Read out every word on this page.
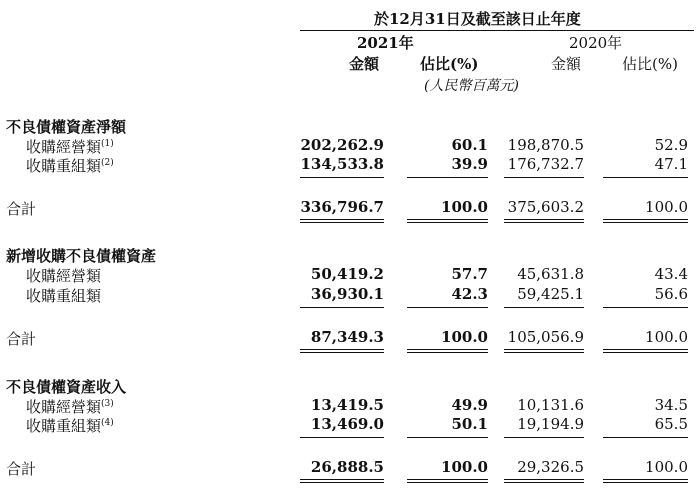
於12月31日及截至該日止年度
2021年	2020年
金額	佔比(%)	金額	佔比(%)
(人民幣百萬元)
不良債權資產淨額
收購經營類$^{(1)}$	202,262.9	60.1 198,870.5	52.9
收購重組類$^{(2)}$	134,533.8	39.9 176,732.7	47.1
合計	336,796.7	100.0 375,603.2	100.0
新增收購不良債權資產
收購經營類	50,419.2	57.7 45,631.8	43.4
收購重組類	36,930.1	42.3 59,425.1	56.6
合計	87,349.3	100.0 105,056.9	100.0
不良債權資產收入
收購經營類$^{(3)}$	13,419.5	49.9 10,131.6	34.5
收購重組類$^{(4)}$	13,469.0	50.1 19,194.9	65.5
合計	26,888.5	100.0 29,326.5	100.0
